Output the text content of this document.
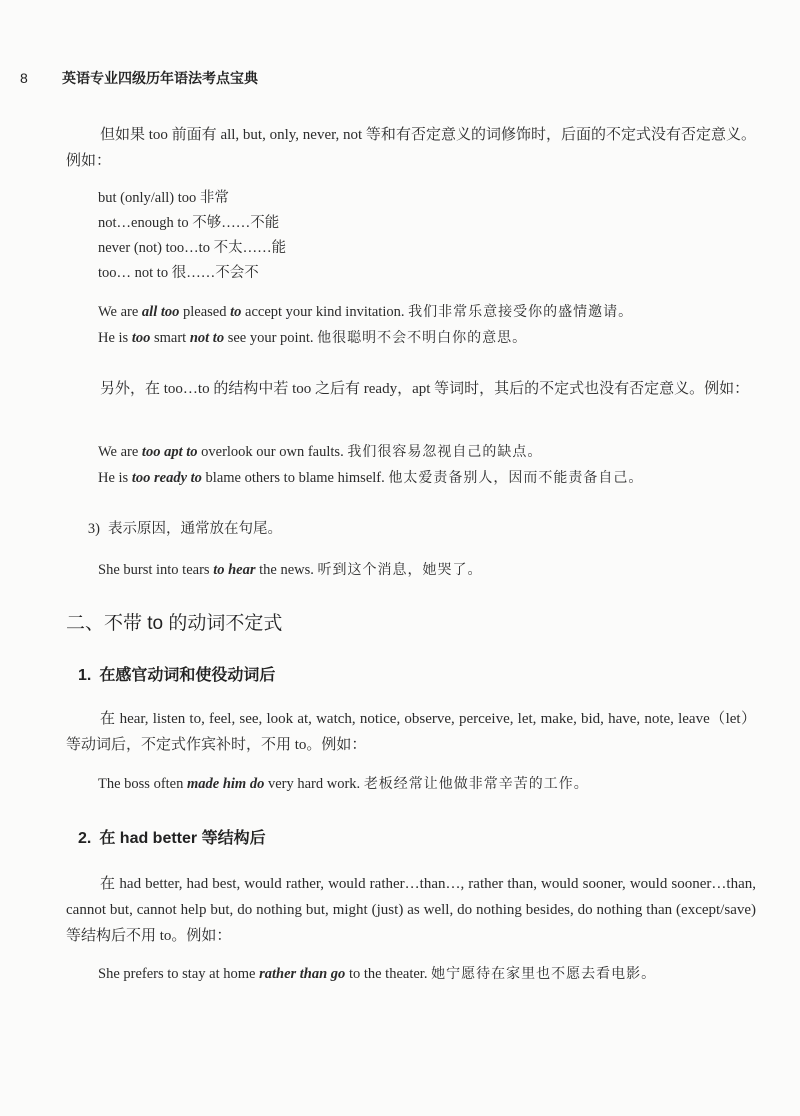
8 英语专业四级历年语法考点宝典
但如果 too 前面有 all, but, only, never, not 等和有否定意义的词修饰时，后面的不定式没有否定意义。例如：
but (only/all) too 非常
not…enough to 不够……不能
never (not) too…to 不太……能
too… not to 很……不会不
We are all too pleased to accept your kind invitation. 我们非常乐意接受你的盛情邀请。
He is too smart not to see your point. 他很聪明不会不明白你的意思。
另外，在 too…to 的结构中若 too 之后有 ready，apt 等词时，其后的不定式也没有否定意义。例如：
We are too apt to overlook our own faults. 我们很容易忽视自己的缺点。
He is too ready to blame others to blame himself. 他太爱责备别人，因而不能责备自己。
3) 表示原因，通常放在句尾。
She burst into tears to hear the news. 听到这个消息，她哭了。
二、不带 to 的动词不定式
1. 在感官动词和使役动词后
在 hear, listen to, feel, see, look at, watch, notice, observe, perceive, let, make, bid, have, note, leave（let）等动词后，不定式作宾补时，不用 to。例如：
The boss often made him do very hard work. 老板经常让他做非常辛苦的工作。
2. 在 had better 等结构后
在 had better, had best, would rather, would rather…than…, rather than, would sooner, would sooner…than, cannot but, cannot help but, do nothing but, might (just) as well, do nothing besides, do nothing than (except/save) 等结构后不用 to。例如：
She prefers to stay at home rather than go to the theater. 她宁愿待在家里也不愿去看电影。
